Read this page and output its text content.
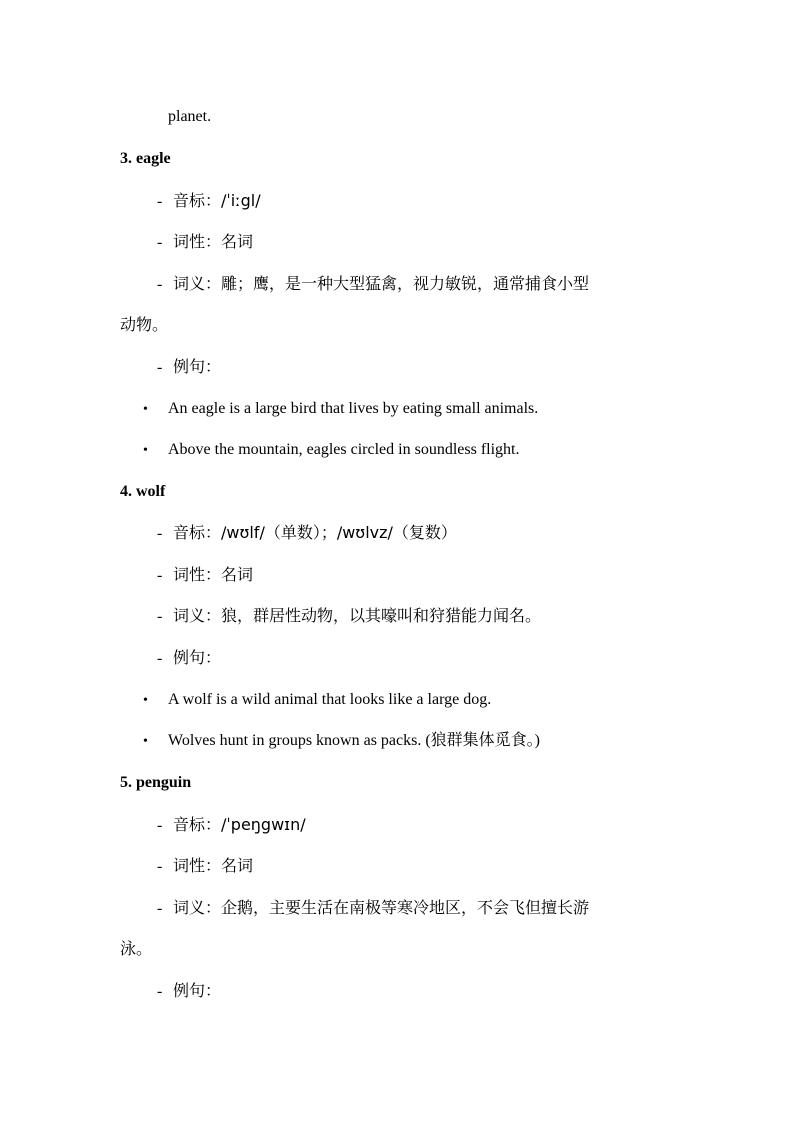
planet.
3. eagle
- 音标：/ˈiːgl/
- 词性：名词
- 词义：雕；鹰，是一种大型猛禽，视力敏锐，通常捕食小型
动物。
- 例句：
• An eagle is a large bird that lives by eating small animals.
• Above the mountain, eagles circled in soundless flight.
4. wolf
- 音标：/wʊlf/（单数）；/wʊlvz/（复数）
- 词性：名词
- 词义：狼，群居性动物，以其嚎叫和狩猎能力闻名。
- 例句：
• A wolf is a wild animal that looks like a large dog.
• Wolves hunt in groups known as packs. (狼群集体觅食。)
5. penguin
- 音标：/ˈpeŋgwɪn/
- 词性：名词
- 词义：企鹅，主要生活在南极等寒冷地区，不会飞但擅长游
泳。
- 例句：
